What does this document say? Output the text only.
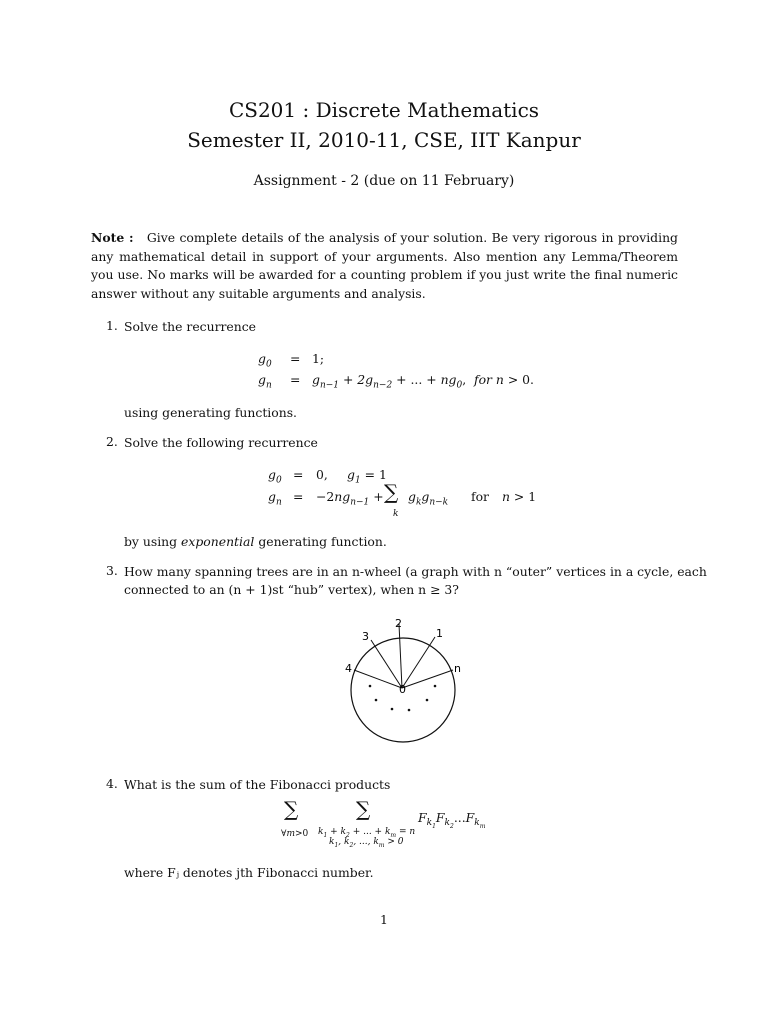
CS201 : Discrete Mathematics
Semester II, 2010-11, CSE, IIT Kanpur
Assignment - 2 (due on 11 February)
Note : Give complete details of the analysis of your solution. Be very rigorous in providing any mathematical detail in support of your arguments. Also mention any Lemma/Theorem you use. No marks will be awarded for a counting problem if you just write the final numeric answer without any suitable arguments and analysis.
1. Solve the recurrence
$g_0 = 1$;
$g_n = g_{n-1} + 2g_{n-2}$ + ... + $ng_0$, for n > 0.
using generating functions.
2. Solve the following recurrence
$g_0 = 0$, $g_1 = 1$
$g_n = -2ng_{n-1}$ + ∑
k
$g_kg_{n-k}$ for n > 1
by using exponential generating function.
3. How many spanning trees are in an n-wheel (a graph with n “outer” vertices in a cycle, each
connected to an (n + 1)st “hub” vertex), when n ≥ 3?
2
3	1
4	n
0
4. What is the sum of the Fibonacci products
∑
∀m>0
∑
$k_1 + k_2$ + ... + $k_m = n$
$k_1$, $k_2$, ..., $k_m > 0$
$F_{k_1}F_{k_2}...F_{k_m}$
where Fⱼ denotes jth Fibonacci number.
1
